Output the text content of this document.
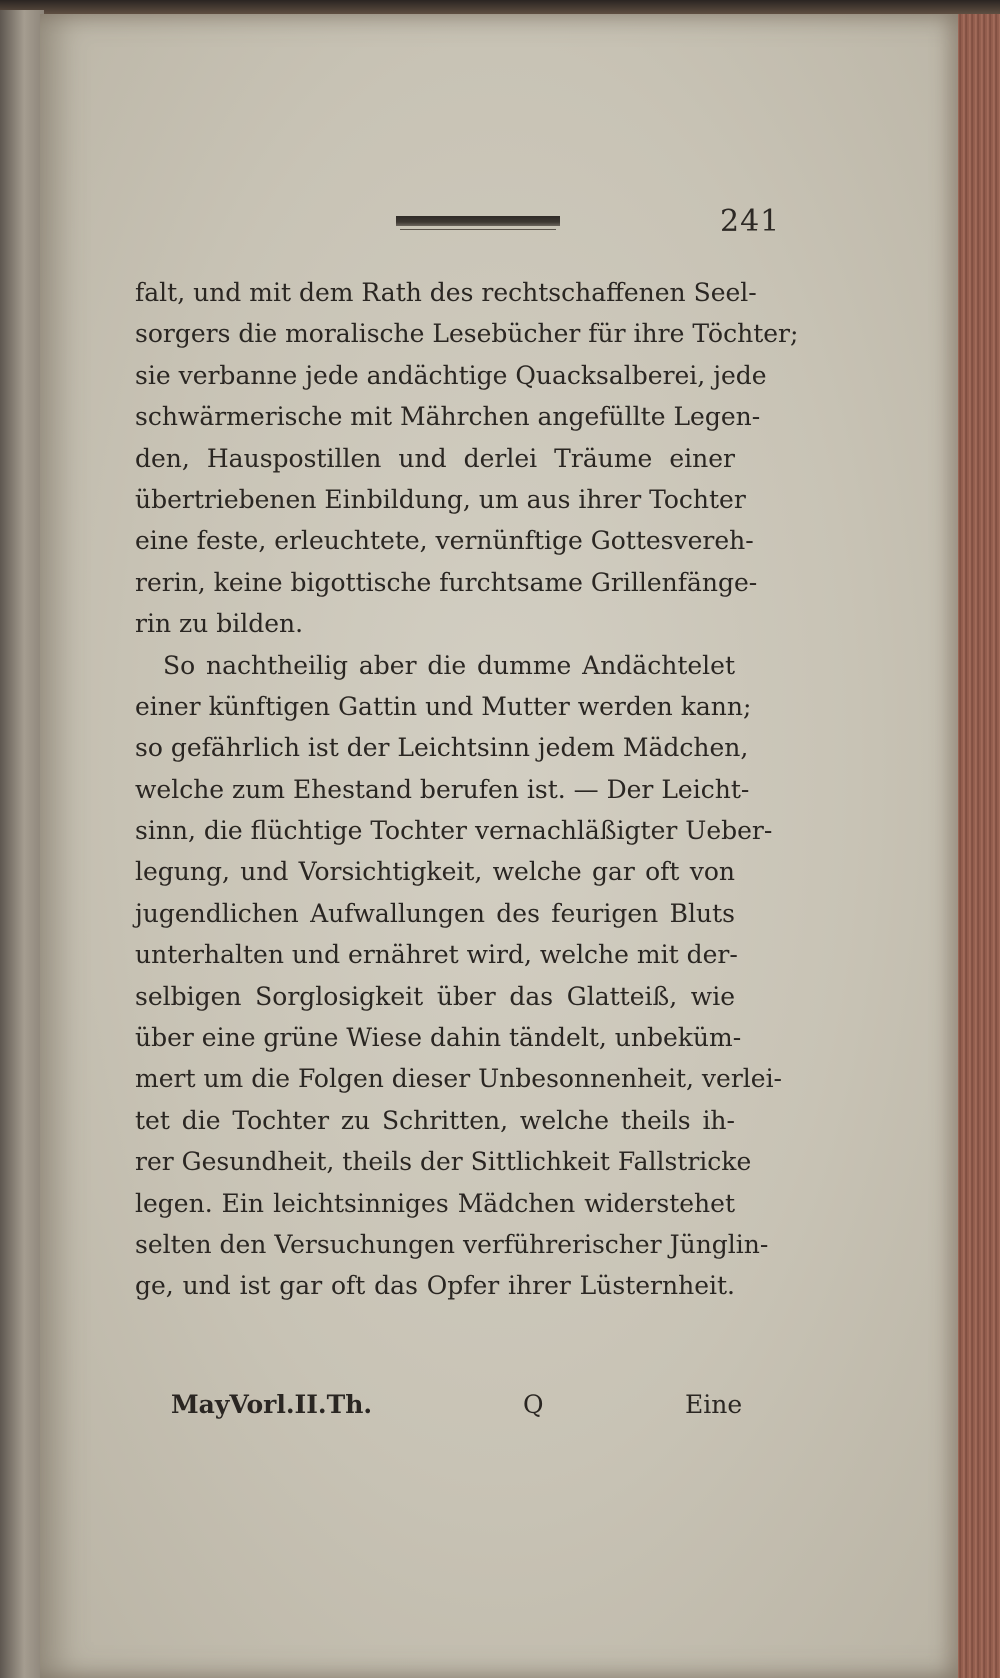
241
falt, und mit dem Rath des rechtschaffenen Seel-
sorgers die moralische Lesebücher für ihre Töchter;
sie verbanne jede andächtige Quacksalberei, jede
schwärmerische mit Mährchen angefüllte Legen-
den, Hauspostillen und derlei Träume einer
übertriebenen Einbildung, um aus ihrer Tochter
eine feste, erleuchtete, vernünftige Gottesvereh-
rerin, keine bigottische furchtsame Grillenfänge-
rin zu bilden.
So nachtheilig aber die dumme Andächtelet
einer künftigen Gattin und Mutter werden kann;
so gefährlich ist der Leichtsinn jedem Mädchen,
welche zum Ehestand berufen ist. — Der Leicht-
sinn, die flüchtige Tochter vernachläßigter Ueber-
legung, und Vorsichtigkeit, welche gar oft von
jugendlichen Aufwallungen des feurigen Bluts
unterhalten und ernähret wird, welche mit der-
selbigen Sorglosigkeit über das Glatteiß, wie
über eine grüne Wiese dahin tändelt, unbeküm-
mert um die Folgen dieser Unbesonnenheit, verlei-
tet die Tochter zu Schritten, welche theils ih-
rer Gesundheit, theils der Sittlichkeit Fallstricke
legen. Ein leichtsinniges Mädchen widerstehet
selten den Versuchungen verführerischer Jünglin-
ge, und ist gar oft das Opfer ihrer Lüsternheit.
MayVorl.II.Th.	Q	Eine
